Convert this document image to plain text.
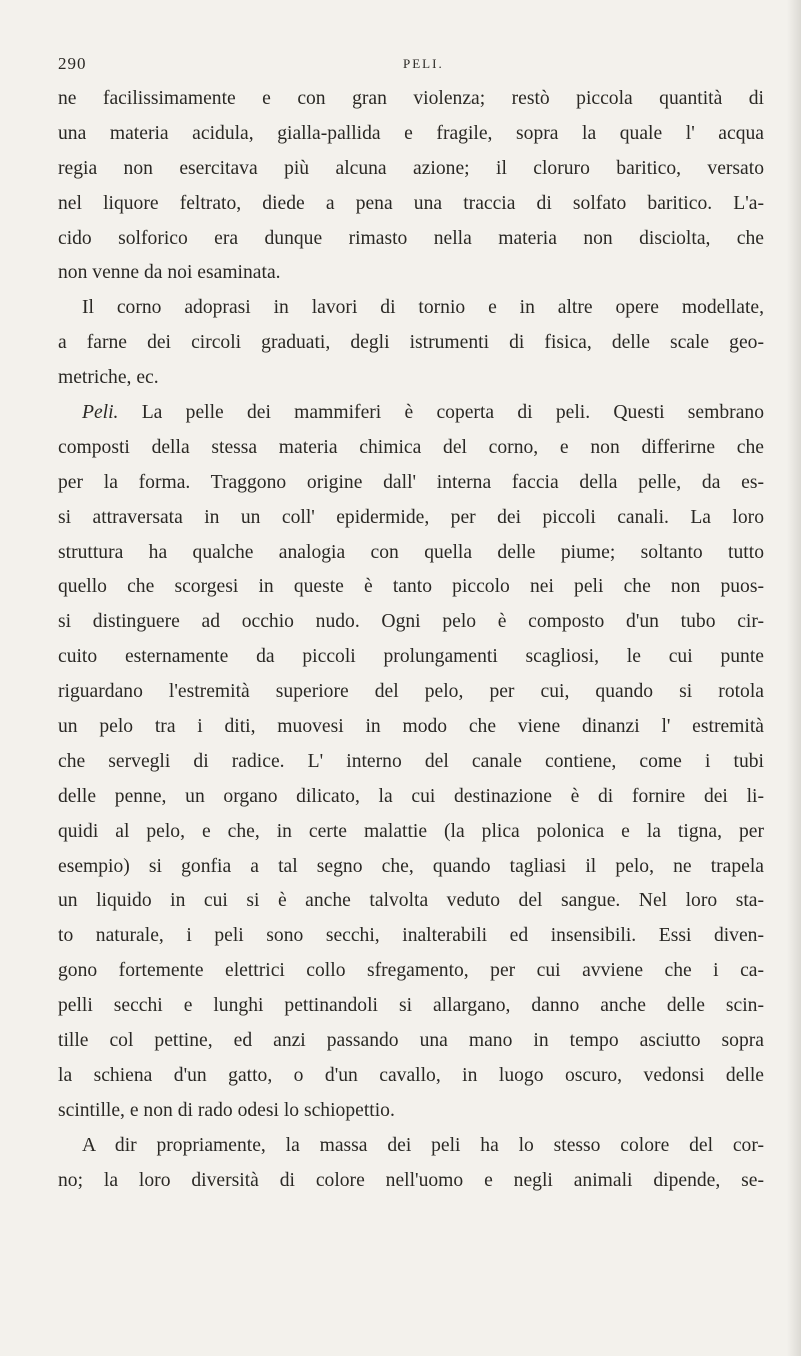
290	PELI.
ne facilissimamente e con gran violenza; restò piccola quantità di
una materia acidula, gialla-pallida e fragile, sopra la quale l' acqua
regia non esercitava più alcuna azione; il cloruro baritico, versato
nel liquore feltrato, diede a pena una traccia di solfato baritico. L'a-
cido solforico era dunque rimasto nella materia non disciolta, che
non venne da noi esaminata.
Il corno adoprasi in lavori di tornio e in altre opere modellate,
a farne dei circoli graduati, degli istrumenti di fisica, delle scale geo-
metriche, ec.
Peli. La pelle dei mammiferi è coperta di peli. Questi sembrano
composti della stessa materia chimica del corno, e non differirne che
per la forma. Traggono origine dall' interna faccia della pelle, da es-
si attraversata in un coll' epidermide, per dei piccoli canali. La loro
struttura ha qualche analogia con quella delle piume; soltanto tutto
quello che scorgesi in queste è tanto piccolo nei peli che non puos-
si distinguere ad occhio nudo. Ogni pelo è composto d'un tubo cir-
cuito esternamente da piccoli prolungamenti scagliosi, le cui punte
riguardano l'estremità superiore del pelo, per cui, quando si rotola
un pelo tra i diti, muovesi in modo che viene dinanzi l' estremità
che servegli di radice. L' interno del canale contiene, come i tubi
delle penne, un organo dilicato, la cui destinazione è di fornire dei li-
quidi al pelo, e che, in certe malattie (la plica polonica e la tigna, per
esempio) si gonfia a tal segno che, quando tagliasi il pelo, ne trapela
un liquido in cui si è anche talvolta veduto del sangue. Nel loro sta-
to naturale, i peli sono secchi, inalterabili ed insensibili. Essi diven-
gono fortemente elettrici collo sfregamento, per cui avviene che i ca-
pelli secchi e lunghi pettinandoli si allargano, danno anche delle scin-
tille col pettine, ed anzi passando una mano in tempo asciutto sopra
la schiena d'un gatto, o d'un cavallo, in luogo oscuro, vedonsi delle
scintille, e non di rado odesi lo schiopettio.
A dir propriamente, la massa dei peli ha lo stesso colore del cor-
no; la loro diversità di colore nell'uomo e negli animali dipende, se-
